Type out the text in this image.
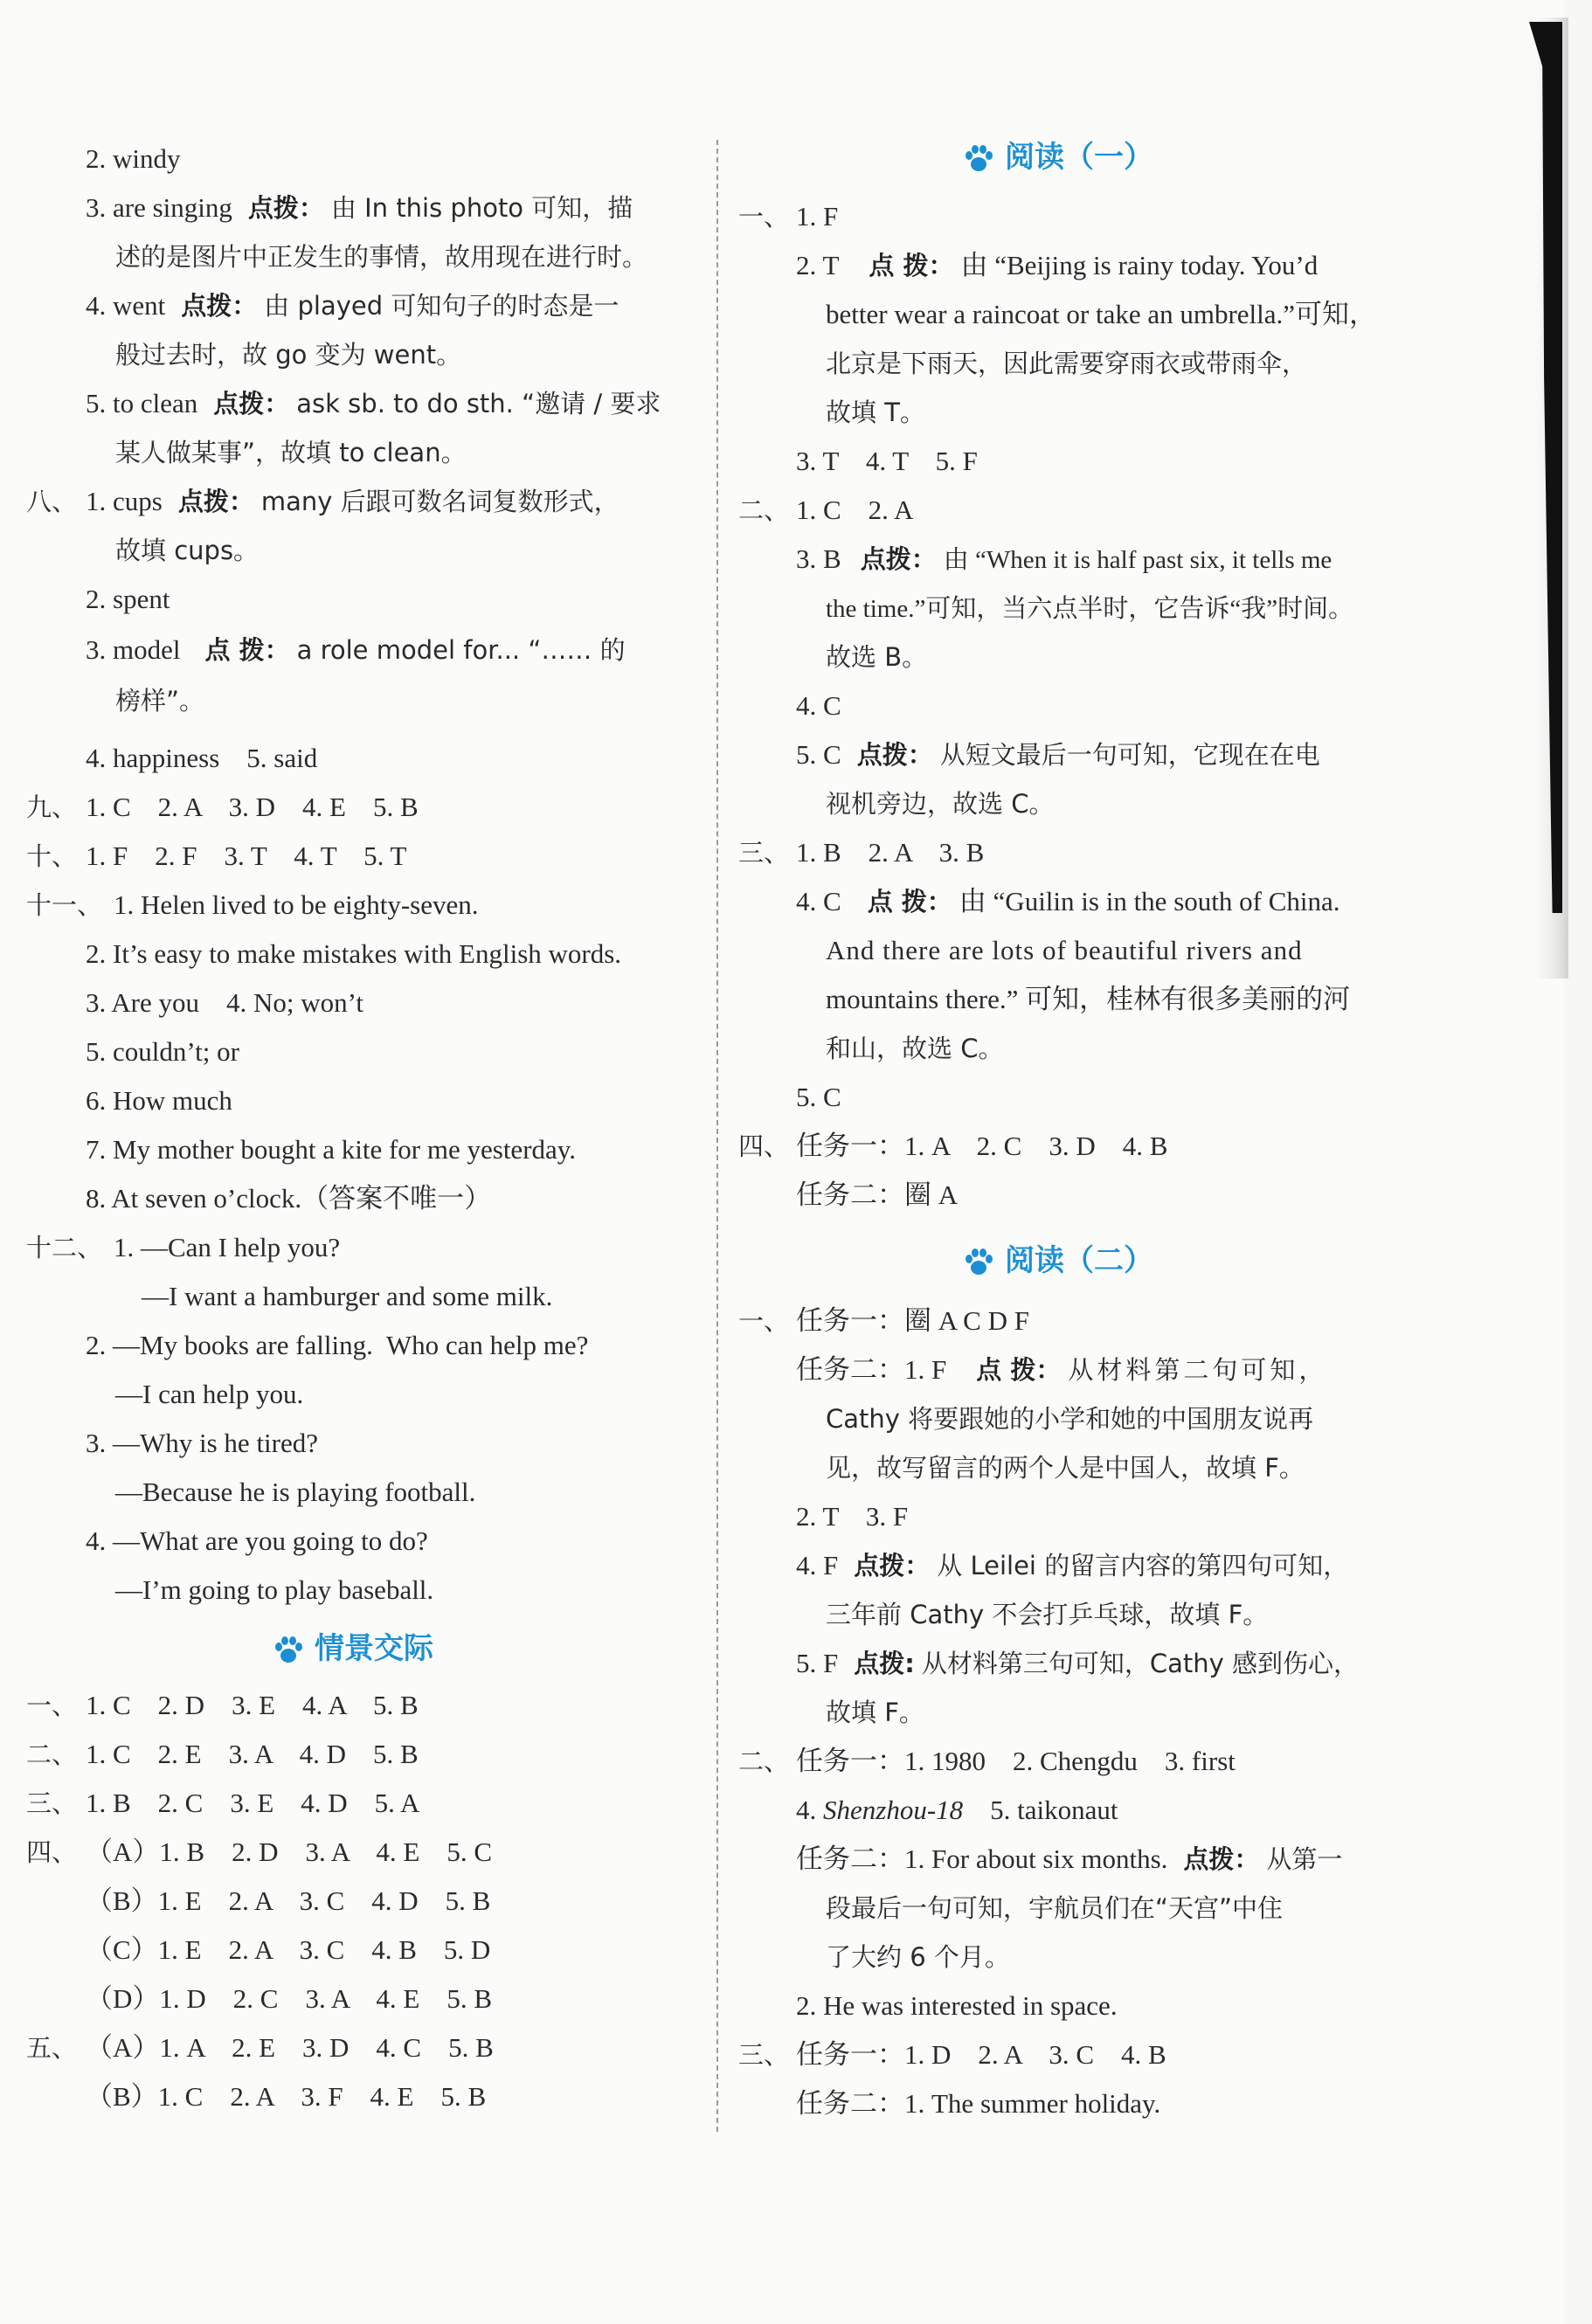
2. windy
3. are singing 点拨： 由 In this photo 可知，描
述的是图片中正发生的事情，故用现在进行时。
4. went 点拨： 由 played 可知句子的时态是一
般过去时，故 go 变为 went。
5. to clean 点拨： ask sb. to do sth. “邀请 / 要求
某人做某事”，故填 to clean。
八、 1. cups 点拨： many 后跟可数名词复数形式，
故填 cups。
2. spent
3. model 点 拨： a role model for... “…… 的
榜样”。
4. happiness    5. said
九、 1. C    2. A    3. D    4. E    5. B
十、 1. F    2. F    3. T    4. T    5. T
十一、 1. Helen lived to be eighty-seven.
2. It’s easy to make mistakes with English words.
3. Are you    4. No; won’t
5. couldn’t; or
6. How much
7. My mother bought a kite for me yesterday.
8. At seven o’clock.（答案不唯一）
十二、 1. —Can I help you?
—I want a hamburger and some milk.
2. —My books are falling.  Who can help me?
—I can help you.
3. —Why is he tired?
—Because he is playing football.
4. —What are you going to do?
—I’m going to play baseball.
情景交际
一、 1. C    2. D    3. E    4. A    5. B
二、 1. C    2. E    3. A    4. D    5. B
三、 1. B    2. C    3. E    4. D    5. A
四、 （A）1. B    2. D    3. A    4. E    5. C
（B）1. E    2. A    3. C    4. D    5. B
（C）1. E    2. A    3. C    4. B    5. D
（D）1. D    2. C    3. A    4. E    5. B
五、 （A）1. A    2. E    3. D    4. C    5. B
（B）1. C    2. A    3. F    4. E    5. B
阅读（一）
一、 1. F
2. T 点 拨： 由 “Beijing is rainy today. You’d
better wear a raincoat or take an umbrella.”可知，
北京是下雨天，因此需要穿雨衣或带雨伞，
故填 T。
3. T    4. T    5. F
二、 1. C    2. A
3. B 点拨： 由 “When it is half past six, it tells me
the time.”可知，当六点半时，它告诉“我”时间。
故选 B。
4. C
5. C 点拨： 从短文最后一句可知，它现在在电
视机旁边，故选 C。
三、 1. B    2. A    3. B
4. C 点 拨： 由 “Guilin is in the south of China.
And there are lots of beautiful rivers and
mountains there.” 可知，桂林有很多美丽的河
和山，故选 C。
5. C
四、 任务一：1. A    2. C    3. D    4. B
任务二：圈 A
阅读（二）
一、 任务一：圈 A C D F
任务二：1. F 点 拨： 从材料第二句可知，
Cathy 将要跟她的小学和她的中国朋友说再
见，故写留言的两个人是中国人，故填 F。
2. T    3. F
4. F 点拨： 从 Leilei 的留言内容的第四句可知，
三年前 Cathy 不会打乒乓球，故填 F。
5. F 点拨: 从材料第三句可知，Cathy 感到伤心，
故填 F。
二、 任务一：1. 1980    2. Chengdu    3. first
4. Shenzhou-18    5. taikonaut
任务二：1. For about six months. 点拨： 从第一
段最后一句可知，宇航员们在“天宫”中住
了大约 6 个月。
2. He was interested in space.
三、 任务一：1. D    2. A    3. C    4. B
任务二：1. The summer holiday.
